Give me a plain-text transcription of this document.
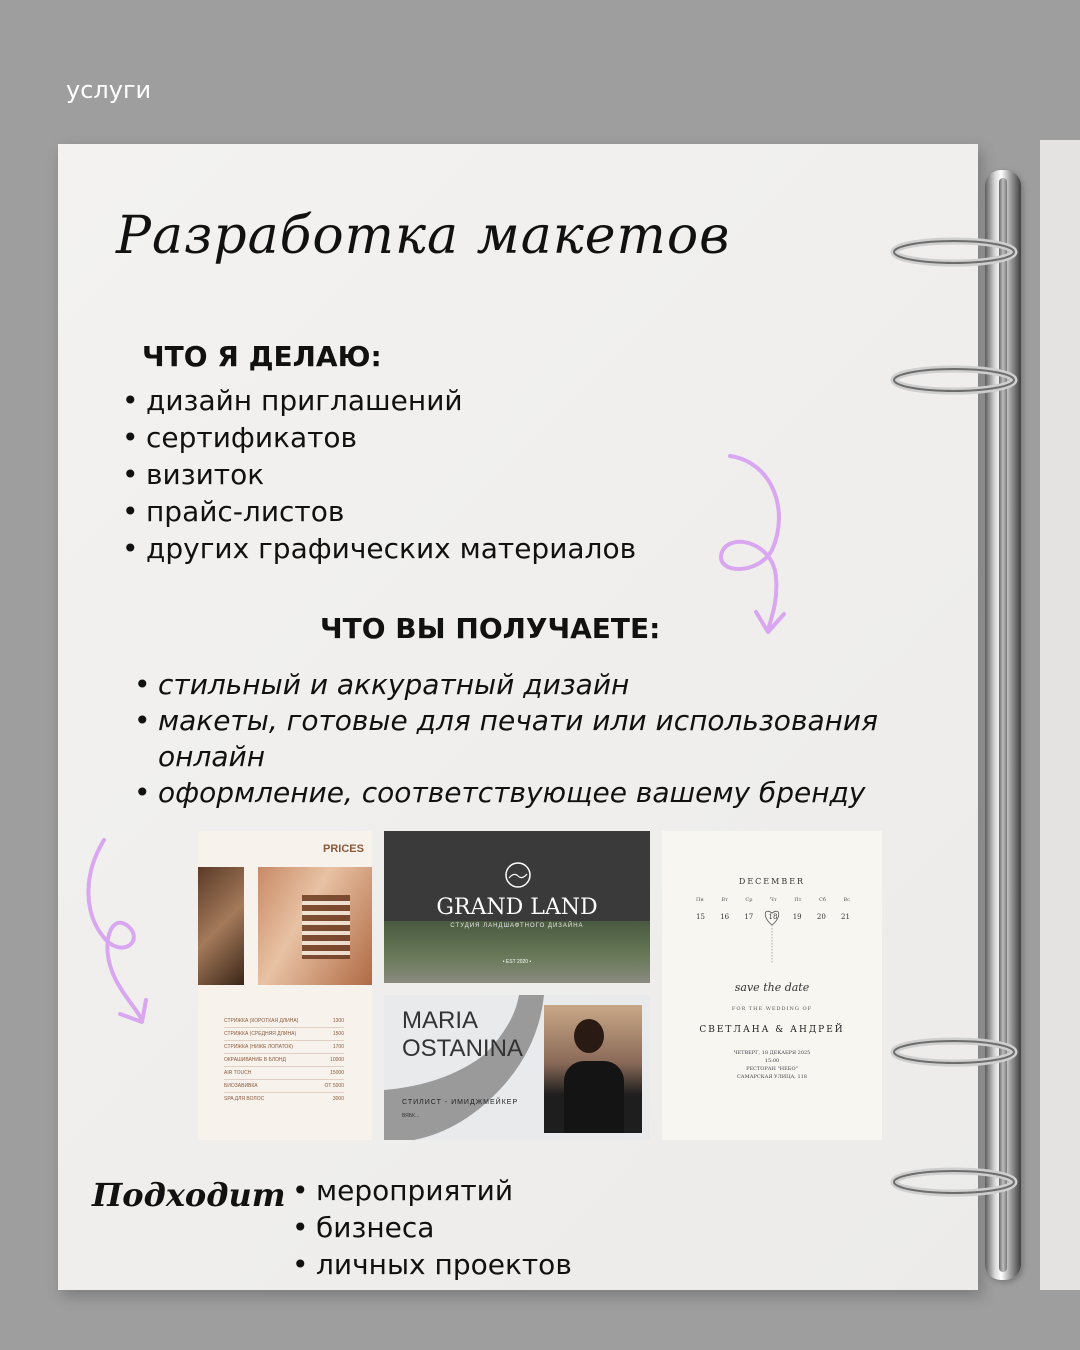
услуги
Разработка макетов
ЧТО Я ДЕЛАЮ:
• дизайн приглашений
• сертификатов
• визиток
• прайс-листов
• других графических материалов
ЧТО ВЫ ПОЛУЧАЕТЕ:
• стильный и аккуратный дизайн
• макеты, готовые для печати или использования онлайн
• оформление, соответствующее вашему бренду
PRICES
СТРИЖКА (КОРОТКАЯ ДЛИНА)	1300
СТРИЖКА (СРЕДНЯЯ ДЛИНА)	1500
СТРИЖКА (НИЖЕ ЛОПАТОК)	1700
ОКРАШИВАНИЕ В БЛОНД	10000
AIR TOUCH	15000
БИОЗАВИВКА	ОТ 5000
SPA ДЛЯ ВОЛОС	3000
GRAND LAND
СТУДИЯ ЛАНДШАФТНОГО ДИЗАЙНА
• EST 2020 •
MARIA
OSTANINA
СТИЛИСТ - ИМИДЖМЕЙКЕР
ВЯБК...
DECEMBER
Пн	Вт	Ср	Чт	Пт	Сб	Вс
15 16 17 18 19 20 21
save the date
FOR THE WEDDING OF
СВЕТЛАНА & АНДРЕЙ
ЧЕТВЕРГ, 18 ДЕКАБРЯ 2025
15:00
РЕСТОРАН "НЕБО"
САМАРСКАЯ УЛИЦА, 118
Подходит	• мероприятий
• бизнеса
• личных проектов
